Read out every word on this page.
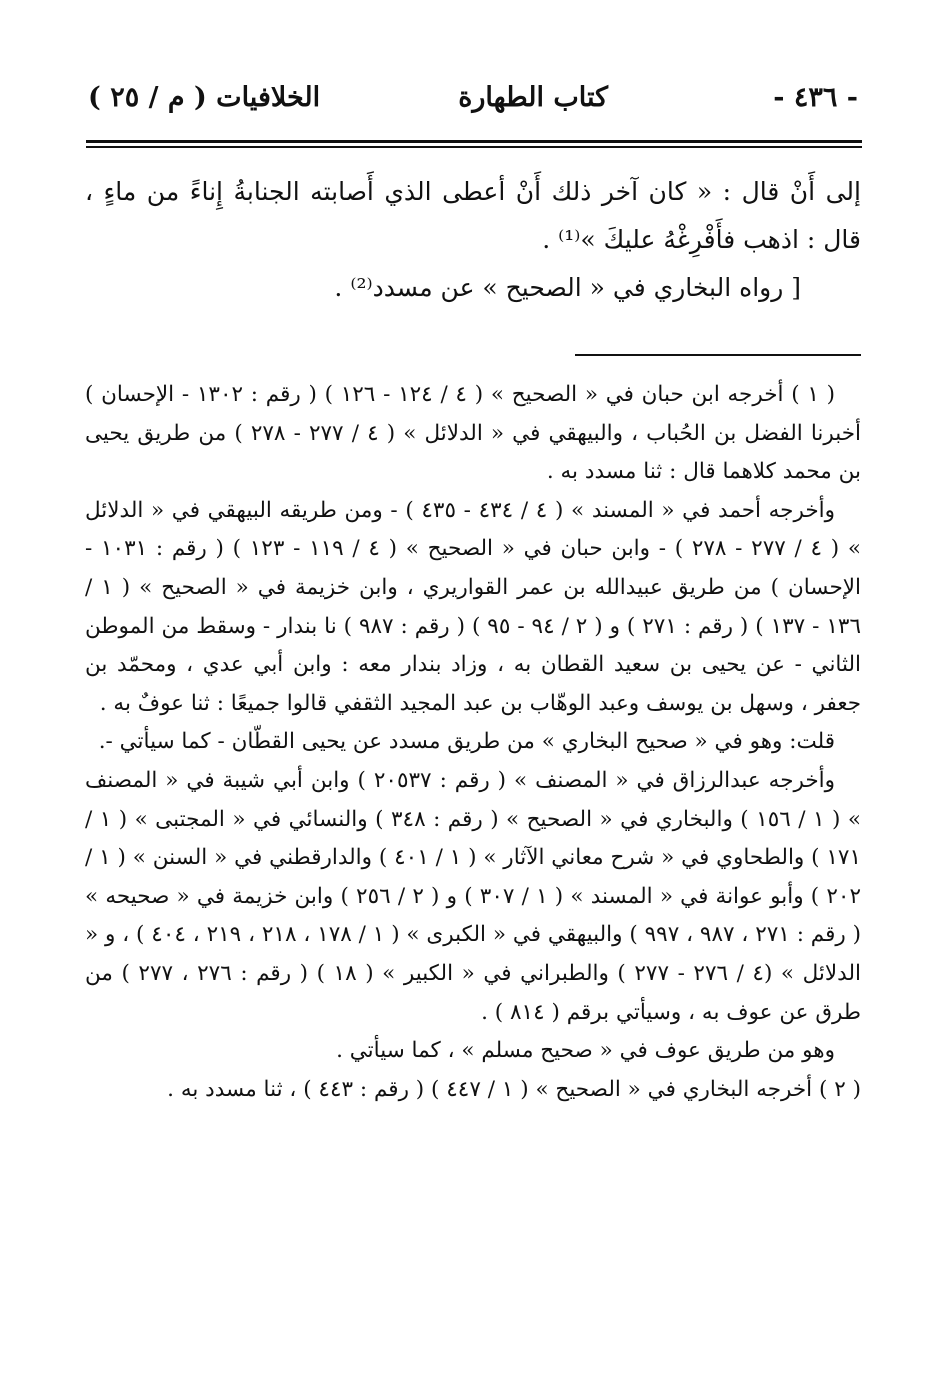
- ٤٣٦ -
كتاب الطهارة
الخلافيات ( م / ٢٥ )

إلى أَنْ قال : « كان آخر ذلك أَنْ أعطى الذي أَصابته الجنابةُ إِناءً من ماءٍ ، قال : اذهب فأَفْرِغْهُ عليكَ »⁽¹⁾ .

[ رواه البخاري في « الصحيح » عن مسدد⁽²⁾ .

( ١ ) أخرجه ابن حبان في « الصحيح » ( ٤ / ١٢٤ - ١٢٦ ) ( رقم : ١٣٠٢ - الإحسان ) أخبرنا الفضل بن الحُباب ، والبيهقي في « الدلائل » ( ٤ / ٢٧٧ - ٢٧٨ ) من طريق يحيى بن محمد كلاهما قال : ثنا مسدد به .

وأخرجه أحمد في « المسند » ( ٤ / ٤٣٤ - ٤٣٥ ) - ومن طريقه البيهقي في « الدلائل » ( ٤ / ٢٧٧ - ٢٧٨ ) - وابن حبان في « الصحيح » ( ٤ / ١١٩ - ١٢٣ ) ( رقم : ١٠٣١ - الإحسان ) من طريق عبيدالله بن عمر القواريري ، وابن خزيمة في « الصحيح » ( ١ / ١٣٦ - ١٣٧ ) ( رقم : ٢٧١ ) و ( ٢ / ٩٤ - ٩٥ ) ( رقم : ٩٨٧ ) نا بندار - وسقط من الموطن الثاني - عن يحيى بن سعيد القطان به ، وزاد بندار معه : وابن أبي عدي ، ومحمّد بن جعفر ، وسهل بن يوسف وعبد الوهّاب بن عبد المجيد الثقفي قالوا جميعًا : ثنا عوفٌ به .

قلت: وهو في « صحيح البخاري » من طريق مسدد عن يحيى القطّان - كما سيأتي -.

وأخرجه عبدالرزاق في « المصنف » ( رقم : ٢٠٥٣٧ ) وابن أبي شيبة في « المصنف » ( ١ / ١٥٦ ) والبخاري في « الصحيح » ( رقم : ٣٤٨ ) والنسائي في « المجتبى » ( ١ / ١٧١ ) والطحاوي في « شرح معاني الآثار » ( ١ / ٤٠١ ) والدارقطني في « السنن » ( ١ / ٢٠٢ ) وأبو عوانة في « المسند » ( ١ / ٣٠٧ ) و ( ٢ / ٢٥٦ ) وابن خزيمة في « صحيحه » ( رقم : ٢٧١ ، ٩٨٧ ، ٩٩٧ ) والبيهقي في « الكبرى » ( ١ / ١٧٨ ، ٢١٨ ، ٢١٩ ، ٤٠٤ ) ، و « الدلائل » (٤ / ٢٧٦ - ٢٧٧ ) والطبراني في « الكبير » ( ١٨ ) ( رقم : ٢٧٦ ، ٢٧٧ ) من طرق عن عوف به ، وسيأتي برقم ( ٨١٤ ) .

وهو من طريق عوف في « صحيح مسلم » ، كما سيأتي .

( ٢ ) أخرجه البخاري في « الصحيح » ( ١ / ٤٤٧ ) ( رقم : ٤٤٣ ) ، ثنا مسدد به .
